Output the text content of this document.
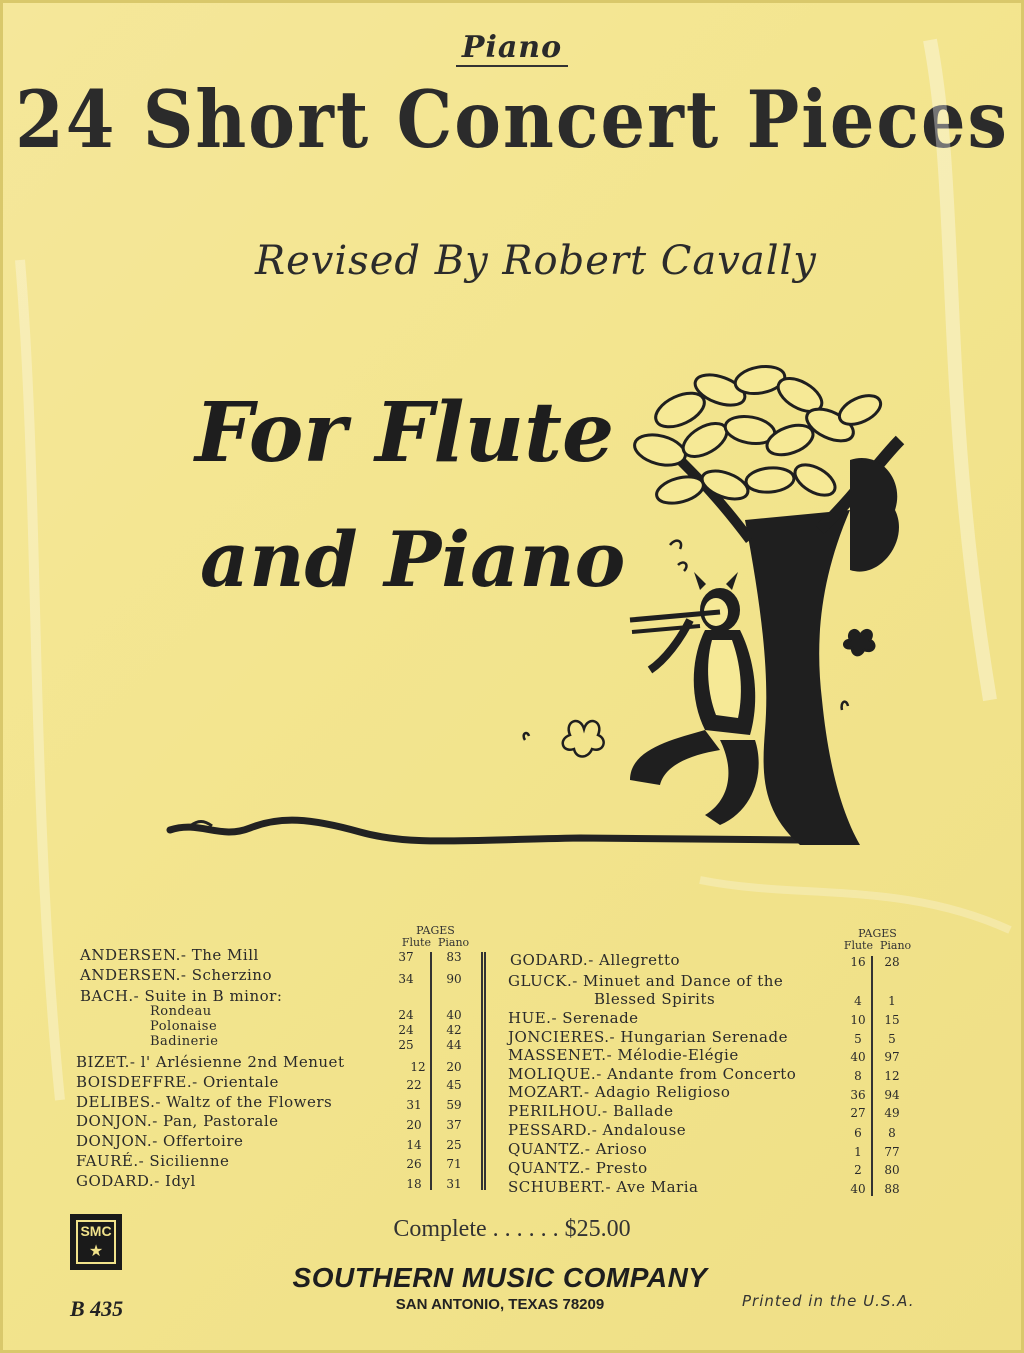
Piano
24 Short Concert Pieces
Revised By Robert Cavally
For Flute
and Piano
PAGES
Flute Piano
PAGES
Flute Piano
ANDERSEN.- The Mill	37	83
ANDERSEN.- Scherzino	34	90
BACH.- Suite in B minor:
Rondeau	24	40
Polonaise	24	42
Badinerie	25	44
BIZET.- l' Arlésienne 2nd Menuet	12	20
BOISDEFFRE.- Orientale	22	45
DELIBES.- Waltz of the Flowers	31	59
DONJON.- Pan, Pastorale	20	37
DONJON.- Offertoire	14	25
FAURÉ.- Sicilienne	26	71
GODARD.- Idyl	18	31
GODARD.- Allegretto	16	28
GLUCK.- Minuet and Dance of the
Blessed Spirits	4	1
HUE.- Serenade	10	15
JONCIERES.- Hungarian Serenade	5	5
MASSENET.- Mélodie-Elégie	40	97
MOLIQUE.- Andante from Concerto	8	12
MOZART.- Adagio Religioso	36	94
PERILHOU.- Ballade	27	49
PESSARD.- Andalouse	6	8
QUANTZ.- Arioso	1	77
QUANTZ.- Presto	2	80
SCHUBERT.- Ave Maria	40	88
SMC
★
Complete . . . . . . $25.00
SOUTHERN MUSIC COMPANY
SAN ANTONIO, TEXAS 78209	Printed in the U.S.A.
B 435
